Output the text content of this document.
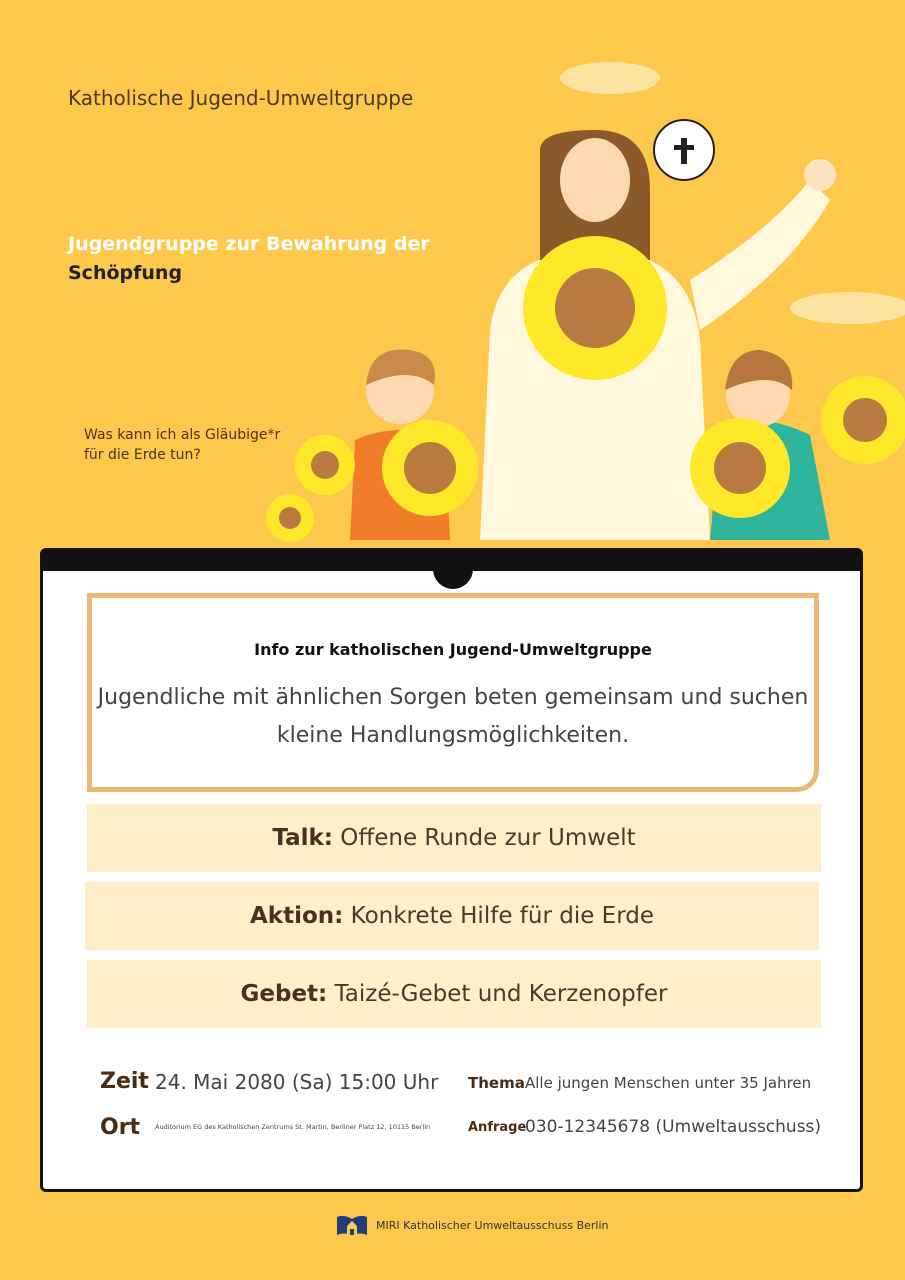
Katholische Jugend-Umweltgruppe
Jugendgruppe zur Bewahrung der
Schöpfung
Was kann ich als Gläubige*r
für die Erde tun?
Info zur katholischen Jugend-Umweltgruppe

Jugendliche mit ähnlichen Sorgen beten gemeinsam und suchen kleine Handlungsmöglichkeiten.

Talk: Offene Runde zur Umwelt
Aktion: Konkrete Hilfe für die Erde
Gebet: Taizé-Gebet und Kerzenopfer
Zeit 24. Mai 2080 (Sa) 15:00 Uhr
Ort Auditorium EG des Katholischen Zentrums St. Martin, Berliner Platz 12, 10115 Berlin
Thema Alle jungen Menschen unter 35 Jahren
Anfrage
030-12345678 (Umweltausschuss)
MIRI Katholischer Umweltausschuss Berlin
